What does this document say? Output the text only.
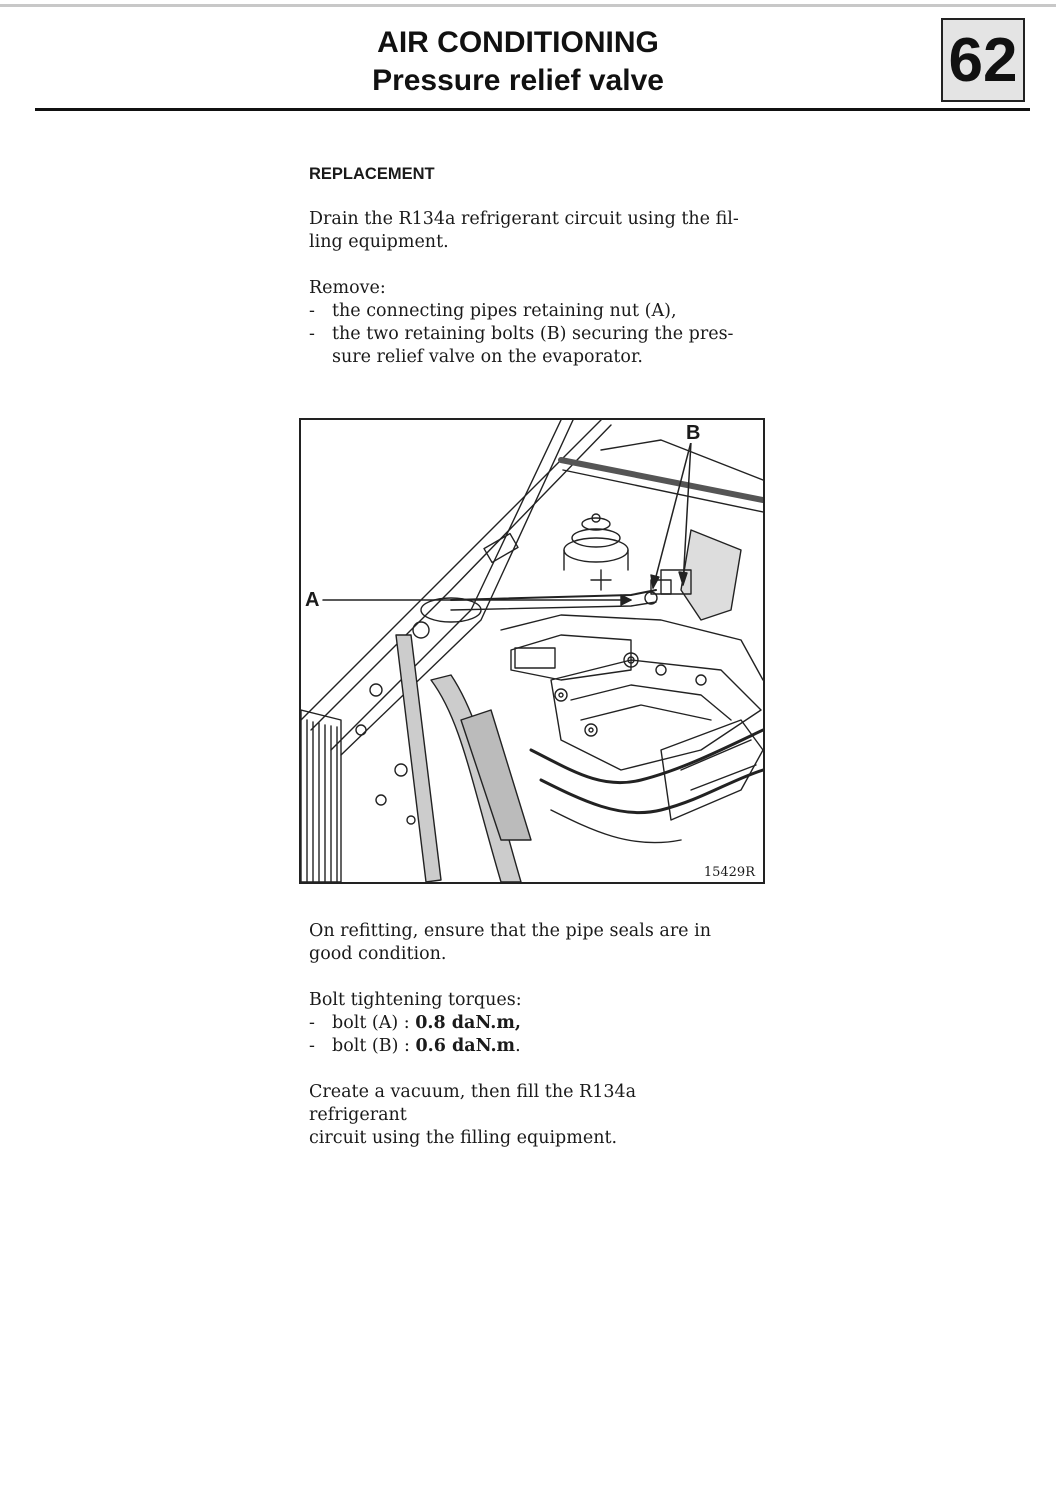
AIR CONDITIONING
Pressure relief valve	62
REPLACEMENT

Drain the R134a refrigerant circuit using the fil-
ling equipment.

Remove:

- the connecting pipes retaining nut (A),
- the two retaining bolts (B) securing the pres-
sure relief valve on the evaporator.
A
B
15429R

On refitting, ensure that the pipe seals are in
good condition.

Bolt tightening torques:

- bolt (A) : 0.8 daN.m,
- bolt (B) : 0.6 daN.m.

Create a vacuum, then fill the R134a refrigerant
circuit using the filling equipment.
